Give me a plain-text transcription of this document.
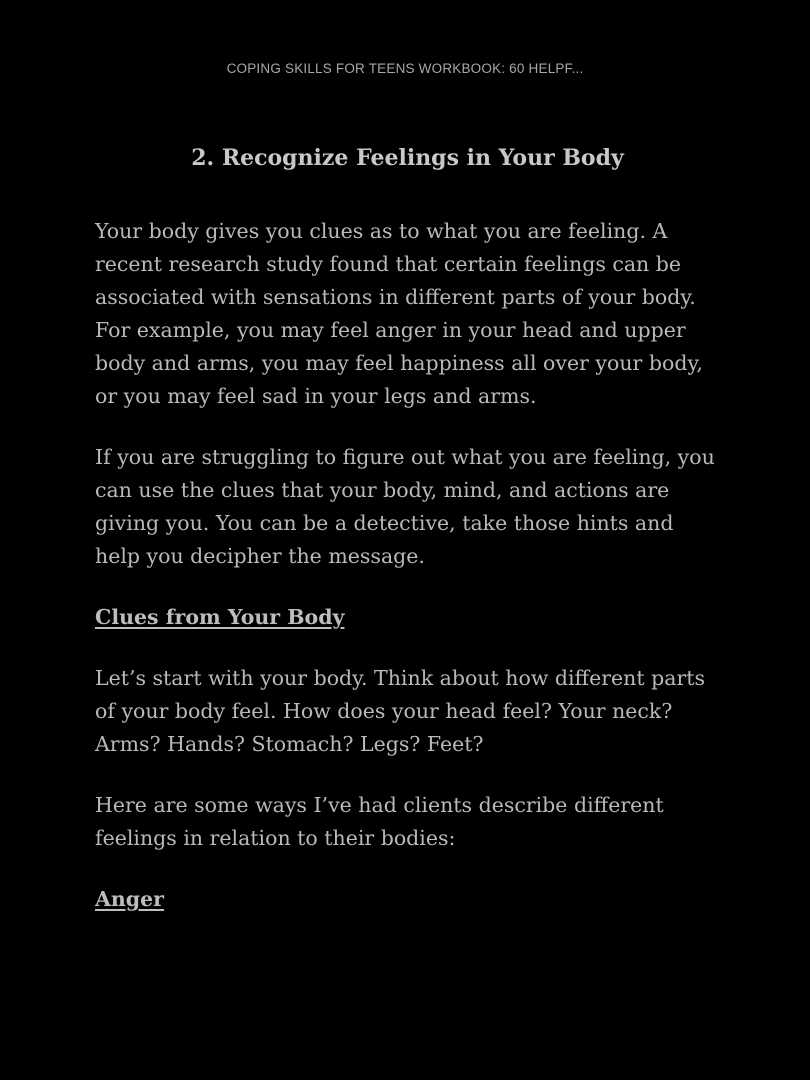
COPING SKILLS FOR TEENS WORKBOOK: 60 HELPF...
2. Recognize Feelings in Your Body

Your body gives you clues as to what you are feeling. A recent research study found that certain feelings can be associated with sensations in different parts of your body. For example, you may feel anger in your head and upper body and arms, you may feel happiness all over your body, or you may feel sad in your legs and arms.

If you are struggling to figure out what you are feeling, you can use the clues that your body, mind, and actions are giving you. You can be a detective, take those hints and help you decipher the message.

Clues from Your Body

Let’s start with your body. Think about how different parts of your body feel. How does your head feel? Your neck? Arms? Hands? Stomach? Legs? Feet?

Here are some ways I’ve had clients describe different feelings in relation to their bodies:

Anger
